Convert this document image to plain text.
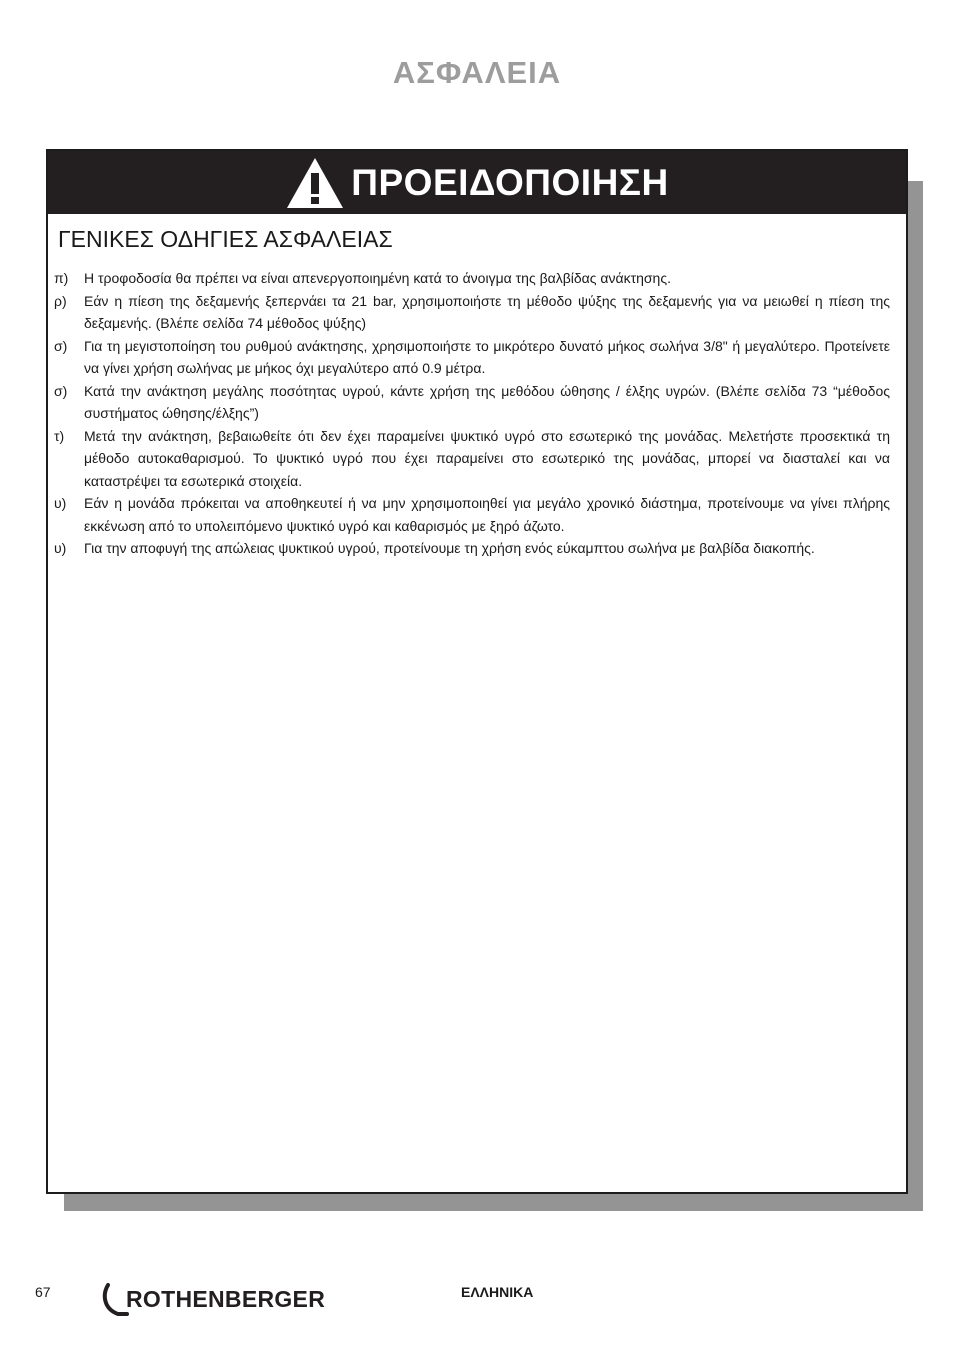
ΑΣΦΑΛΕΙΑ
ΠΡΟΕΙΔΟΠΟΙΗΣΗ
ΓΕΝΙΚΕΣ ΟΔΗΓΙΕΣ ΑΣΦΑΛΕΙΑΣ
π)	Η τροφοδοσία θα πρέπει να είναι απενεργοποιημένη κατά το άνοιγμα της βαλβίδας ανάκτησης.
ρ)	Εάν η πίεση της δεξαμενής ξεπερνάει τα 21 bar, χρησιμοποιήστε τη μέθοδο ψύξης της δεξαμενής για να μειωθεί η πίεση της δεξαμενής. (Βλέπε σελίδα 74 μέθοδος ψύξης)
σ)	Για τη μεγιστοποίηση του ρυθμού ανάκτησης, χρησιμοποιήστε το μικρότερο δυνατό μήκος σωλήνα 3/8" ή μεγαλύτερο. Προτείνετε να γίνει χρήση σωλήνας με μήκος όχι μεγαλύτερο από 0.9 μέτρα.
σ)	Κατά την ανάκτηση μεγάλης ποσότητας υγρού, κάντε χρήση της μεθόδου ώθησης / έλξης υγρών. (Βλέπε σελίδα 73 “μέθοδος συστήματος ώθησης/έλξης”)
τ)	Μετά την ανάκτηση, βεβαιωθείτε ότι δεν έχει παραμείνει ψυκτικό υγρό στο εσωτερικό της μονάδας. Μελετήστε προσεκτικά τη μέθοδο αυτοκαθαρισμού. Το ψυκτικό υγρό που έχει παραμείνει στο εσωτερικό της μονάδας, μπορεί να διασταλεί και να καταστρέψει τα εσωτερικά στοιχεία.
υ)	Εάν η μονάδα πρόκειται να αποθηκευτεί ή να μην χρησιμοποιηθεί για μεγάλο χρονικό διάστημα, προτείνουμε να γίνει πλήρης εκκένωση από το υπολειπόμενο ψυκτικό υγρό και καθαρισμός με ξηρό άζωτο.
υ)	Για την αποφυγή της απώλειας ψυκτικού υγρού, προτείνουμε τη χρήση ενός εύκαμπτου σωλήνα με βαλβίδα διακοπής.
67	ROTHENBERGER	ΕΛΛΗΝΙΚΑ
